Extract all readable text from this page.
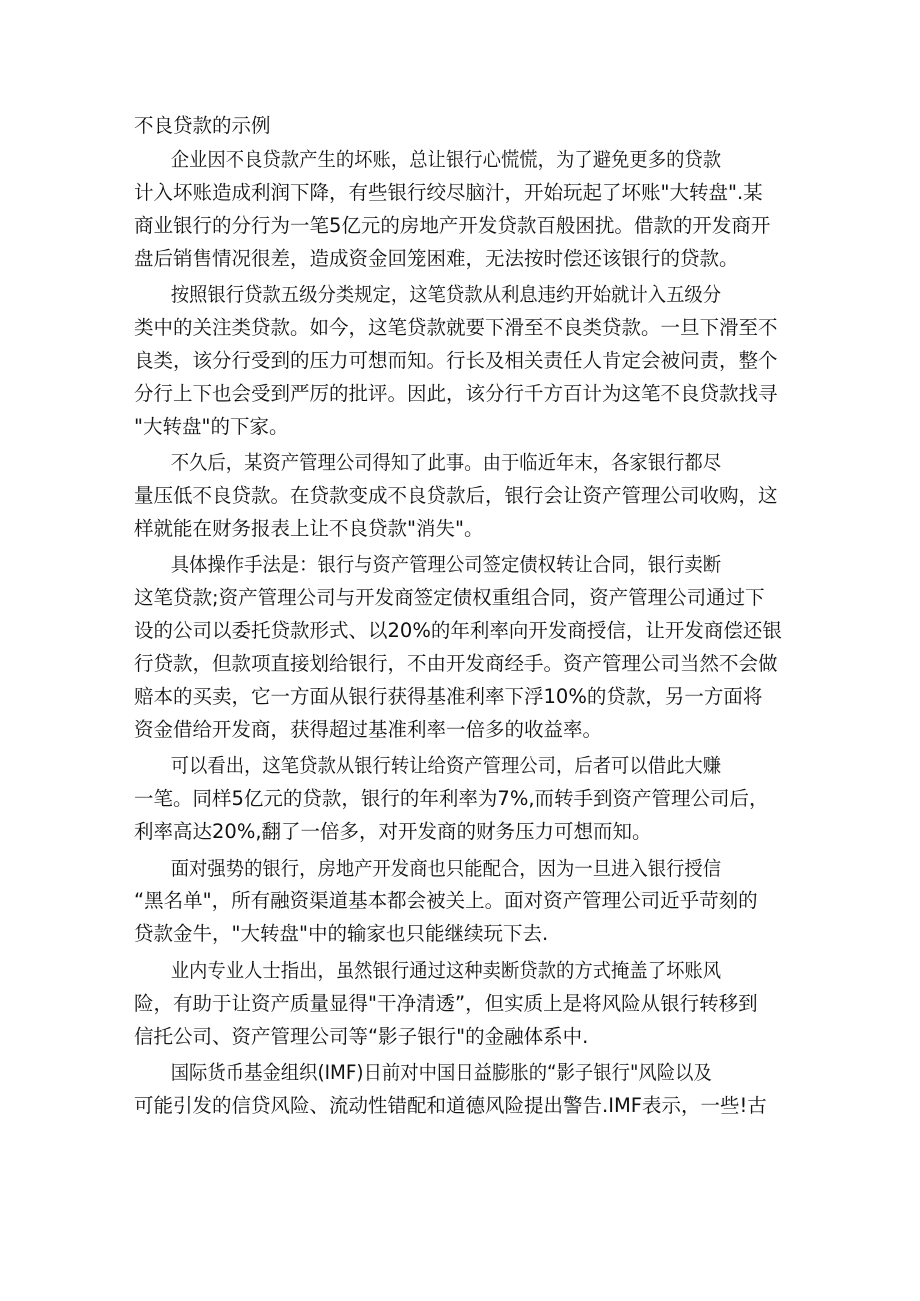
不良贷款的示例
企业因不良贷款产生的坏账，总让银行心慌慌，为了避免更多的贷款
计入坏账造成利润下降，有些银行绞尽脑汁，开始玩起了坏账"大转盘".某
商业银行的分行为一笔5亿元的房地产开发贷款百般困扰。借款的开发商开
盘后销售情况很差，造成资金回笼困难，无法按时偿还该银行的贷款。
按照银行贷款五级分类规定，这笔贷款从利息违约开始就计入五级分
类中的关注类贷款。如今，这笔贷款就要下滑至不良类贷款。一旦下滑至不
良类，该分行受到的压力可想而知。行长及相关责任人肯定会被问责，整个
分行上下也会受到严厉的批评。因此，该分行千方百计为这笔不良贷款找寻
"大转盘"的下家。
不久后，某资产管理公司得知了此事。由于临近年末，各家银行都尽
量压低不良贷款。在贷款变成不良贷款后，银行会让资产管理公司收购，这
样就能在财务报表上让不良贷款"消失"。
具体操作手法是：银行与资产管理公司签定债权转让合同，银行卖断
这笔贷款;资产管理公司与开发商签定债权重组合同，资产管理公司通过下
设的公司以委托贷款形式、以20%的年利率向开发商授信，让开发商偿还银
行贷款，但款项直接划给银行，不由开发商经手。资产管理公司当然不会做
赔本的买卖，它一方面从银行获得基准利率下浮10%的贷款，另一方面将
资金借给开发商，获得超过基准利率一倍多的收益率。
可以看出，这笔贷款从银行转让给资产管理公司，后者可以借此大赚
一笔。同样5亿元的贷款，银行的年利率为7%,而转手到资产管理公司后，
利率高达20%,翻了一倍多，对开发商的财务压力可想而知。
面对强势的银行，房地产开发商也只能配合，因为一旦进入银行授信
“黑名单"，所有融资渠道基本都会被关上。面对资产管理公司近乎苛刻的
贷款金牛，"大转盘"中的输家也只能继续玩下去.
业内专业人士指出，虽然银行通过这种卖断贷款的方式掩盖了坏账风
险，有助于让资产质量显得"干净清透”，但实质上是将风险从银行转移到
信托公司、资产管理公司等“影子银行"的金融体系中.
国际货币基金组织(IMF)日前对中国日益膨胀的“影子银行"风险以及
可能引发的信贷风险、流动性错配和道德风险提出警告.IMF表示，一些!古
